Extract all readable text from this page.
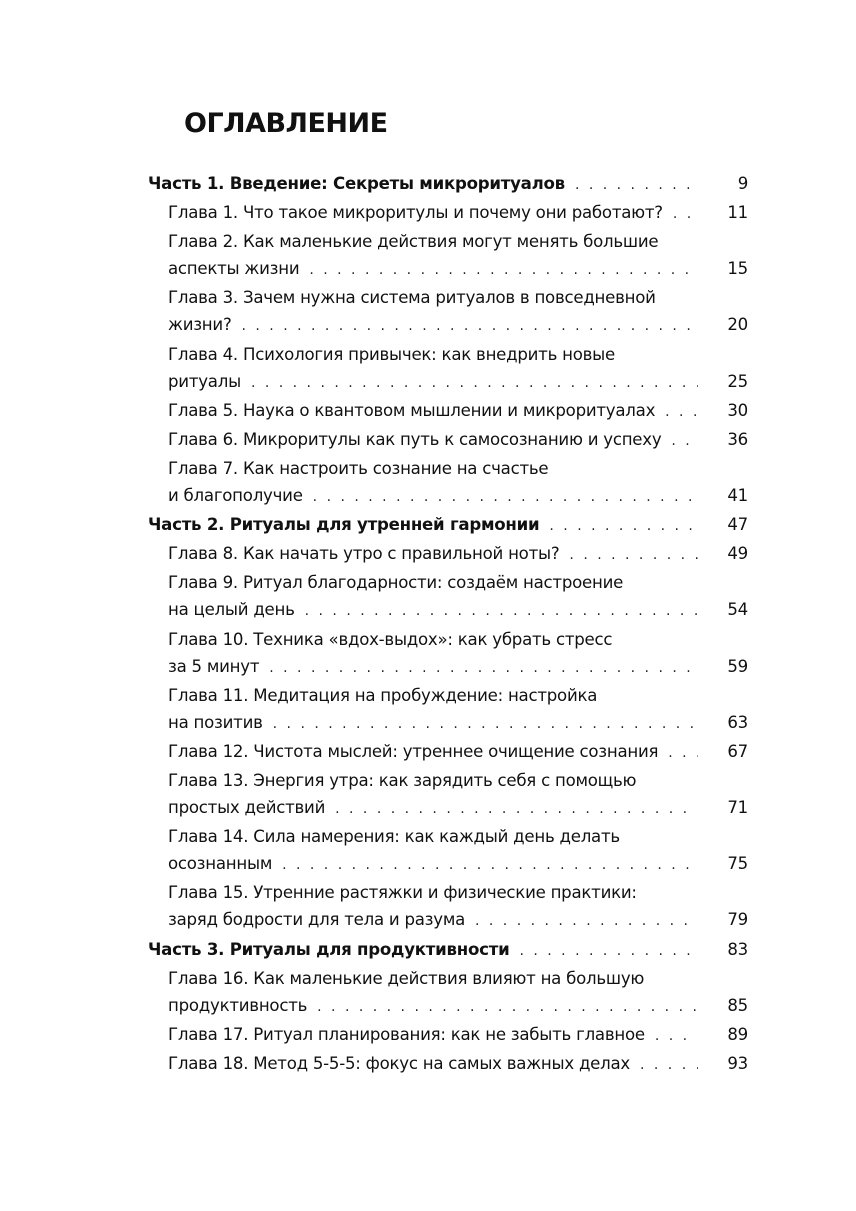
ОГЛАВЛЕНИЕ
Часть 1. Введение: Секреты микроритуалов . . .	9
Глава 1. Что такое микроритулы и почему они работают? . . .	11
Глава 2. Как маленькие действия могут менять большие
аспекты жизни . . .	15
Глава 3. Зачем нужна система ритуалов в повседневной
жизни? . . .	20
Глава 4. Психология привычек: как внедрить новые
ритуалы . . .	25
Глава 5. Наука о квантовом мышлении и микроритуалах . . .	30
Глава 6. Микроритулы как путь к самосознанию и успеху . . .	36
Глава 7. Как настроить сознание на счастье
и благополучие . . .	41
Часть 2. Ритуалы для утренней гармонии . . .	47
Глава 8. Как начать утро с правильной ноты? . . .	49
Глава 9. Ритуал благодарности: создаём настроение
на целый день . . .	54
Глава 10. Техника «вдох-выдох»: как убрать стресс
за 5 минут . . .	59
Глава 11. Медитация на пробуждение: настройка
на позитив . . .	63
Глава 12. Чистота мыслей: утреннее очищение сознания . . .	67
Глава 13. Энергия утра: как зарядить себя с помощью
простых действий . . .	71
Глава 14. Сила намерения: как каждый день делать
осознанным . . .	75
Глава 15. Утренние растяжки и физические практики:
заряд бодрости для тела и разума . . .	79
Часть 3. Ритуалы для продуктивности . . .	83
Глава 16. Как маленькие действия влияют на большую
продуктивность . . .	85
Глава 17. Ритуал планирования: как не забыть главное . . .	89
Глава 18. Метод 5-5-5: фокус на самых важных делах . . .	93
